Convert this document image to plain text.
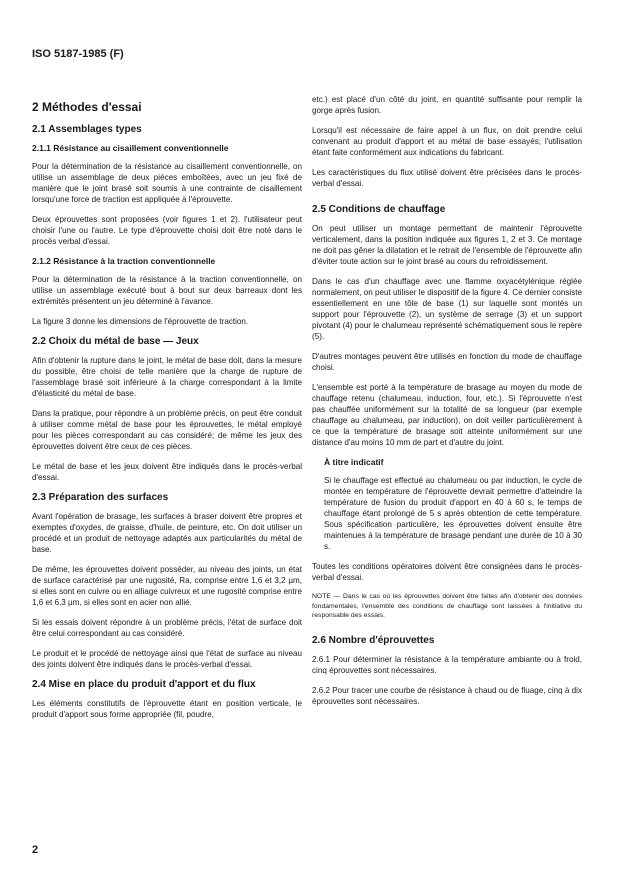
ISO 5187-1985 (F)
2 Méthodes d'essai
2.1 Assemblages types
2.1.1 Résistance au cisaillement conventionnelle

Pour la détermination de la résistance au cisaillement conventionnelle, on utilise un assemblage de deux pièces emboîtées, avec un jeu fixé de manière que le joint brasé soit soumis à une contrainte de cisaillement lorsqu'une force de traction est appliquée à l'éprouvette.

Deux éprouvettes sont proposées (voir figures 1 et 2). l'utilisateur peut choisir l'une ou l'autre. Le type d'éprouvette choisi doit être noté dans le procès verbal d'essai.

2.1.2 Résistance à la traction conventionnelle

Pour la détermination de la résistance à la traction conventionnelle, on utilise un assemblage exécuté bout à bout sur deux barreaux dont les extrémités présentent un jeu déterminé à l'avance.

La figure 3 donne les dimensions de l'éprouvette de traction.

2.2 Choix du métal de base — Jeux

Afin d'obtenir la rupture dans le joint, le métal de base doit, dans la mesure du possible, être choisi de telle manière que la charge de rupture de l'assemblage brasé soit inférieure à la charge correspondant à la limite d'élasticité du métal de base.

Dans la pratique, pour répondre à un problème précis, on peut être conduit à utiliser comme métal de base pour les éprouvettes, le métal employé pour les pièces correspondant au cas considéré; de même les jeux des éprouvettes doivent être ceux de ces pièces.

Le métal de base et les jeux doivent être indiqués dans le procès-verbal d'essai.

2.3 Préparation des surfaces

Avant l'opération de brasage, les surfaces à braser doivent être propres et exemptes d'oxydes, de graisse, d'huile, de peinture, etc. On doit utiliser un procédé et un produit de nettoyage adaptés aux particularités du métal de base.

De même, les éprouvettes doivent posséder, au niveau des joints, un état de surface caractérisé par une rugosité, Ra, comprise entre 1,6 et 3,2 µm, si elles sont en cuivre ou en alliage cuivreux et une rugosité comprise entre 1,6 et 6,3 µm, si elles sont en acier non allié.

Si les essais doivent répondre à un problème précis, l'état de surface doit être celui correspondant au cas considéré.

Le produit et le procédé de nettoyage ainsi que l'état de surface au niveau des joints doivent être indiqués dans le procès-verbal d'essai.

2.4 Mise en place du produit d'apport et du flux

Les éléments constitutifs de l'éprouvette étant en position verticale, le produit d'apport sous forme appropriée (fil, poudre,

etc.) est placé d'un côté du joint, en quantité suffisante pour remplir la gorge après fusion.

Lorsqu'il est nécessaire de faire appel à un flux, on doit prendre celui convenant au produit d'apport et au métal de base essayés; l'utilisation étant faite conformément aux indications du fabricant.

Les caractéristiques du flux utilisé doivent être précisées dans le procès-verbal d'essai.

2.5 Conditions de chauffage

On peut utiliser un montage permettant de maintenir l'éprouvette verticalement, dans la position indiquée aux figures 1, 2 et 3. Ce montage ne doit pas gêner la dilatation et le retrait de l'ensemble de l'éprouvette afin d'éviter toute action sur le joint brasé au cours du refroidissement.

Dans le cas d'un chauffage avec une flamme oxyacétylénique réglée normalement, on peut utiliser le dispositif de la figure 4. Ce dernier consiste essentiellement en une tôle de base (1) sur laquelle sont montés un support pour l'éprouvette (2), un système de serrage (3) et un support pivotant (4) pour le chalumeau représenté schématiquement sous le repère (5).

D'autres montages peuvent être utilisés en fonction du mode de chauffage choisi.

L'ensemble est porté à la température de brasage au moyen du mode de chauffage retenu (chalumeau, induction, four, etc.). Si l'éprouvette n'est pas chauffée uniformément sur la totalité de sa longueur (par exemple chauffage au chalumeau, par induction), on doit veiller particulièrement à ce que la température de brasage soit atteinte uniformément sur une distance d'au moins 10 mm de part et d'autre du joint.

À titre indicatif

Si le chauffage est effectué au chalumeau ou par induction, le cycle de montée en température de l'éprouvette devrait permettre d'atteindre la température de fusion du produit d'apport en 40 à 60 s, le temps de chauffage étant prolongé de 5 s après obtention de cette température. Sous spécification particulière, les éprouvettes doivent ensuite être maintenues à la température de brasage pendant une durée de 10 à 30 s.

Toutes les conditions opératoires doivent être consignées dans le procès-verbal d'essai.

NOTE — Dans le cas où les éprouvettes doivent être faites afin d'obtenir des données fondamentales, l'ensemble des conditions de chauffage sont laissées à l'initiative du responsable des essais.

2.6 Nombre d'éprouvettes

2.6.1 Pour déterminer la résistance à la température ambiante ou à froid, cinq éprouvettes sont nécessaires.

2.6.2 Pour tracer une courbe de résistance à chaud ou de fluage, cinq à dix éprouvettes sont nécessaires.

2
